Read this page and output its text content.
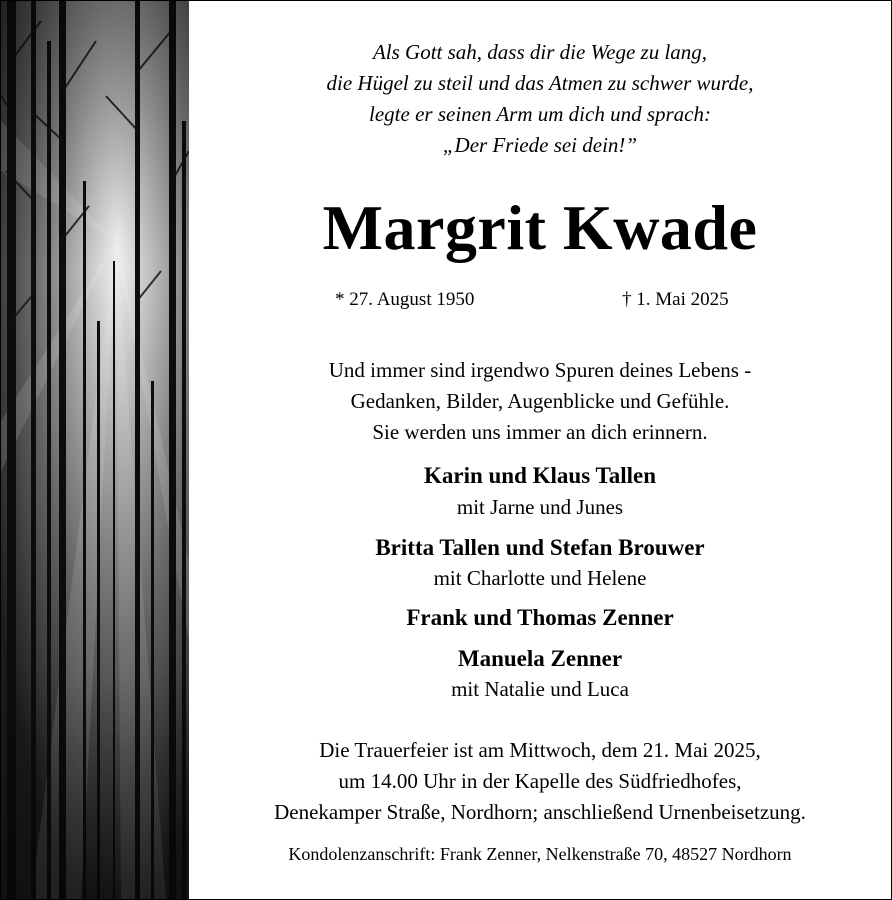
Als Gott sah, dass dir die Wege zu lang,
die Hügel zu steil und das Atmen zu schwer wurde,
legte er seinen Arm um dich und sprach:
„Der Friede sei dein!”
Margrit Kwade
* 27. August 1950	† 1. Mai 2025
Und immer sind irgendwo Spuren deines Lebens -
Gedanken, Bilder, Augenblicke und Gefühle.
Sie werden uns immer an dich erinnern.
Karin und Klaus Tallen
mit Jarne und Junes
Britta Tallen und Stefan Brouwer
mit Charlotte und Helene
Frank und Thomas Zenner
Manuela Zenner
mit Natalie und Luca
Die Trauerfeier ist am Mittwoch, dem 21. Mai 2025,
um 14.00 Uhr in der Kapelle des Südfriedhofes,
Denekamper Straße, Nordhorn; anschließend Urnenbeisetzung.
Kondolenzanschrift: Frank Zenner, Nelkenstraße 70, 48527 Nordhorn
